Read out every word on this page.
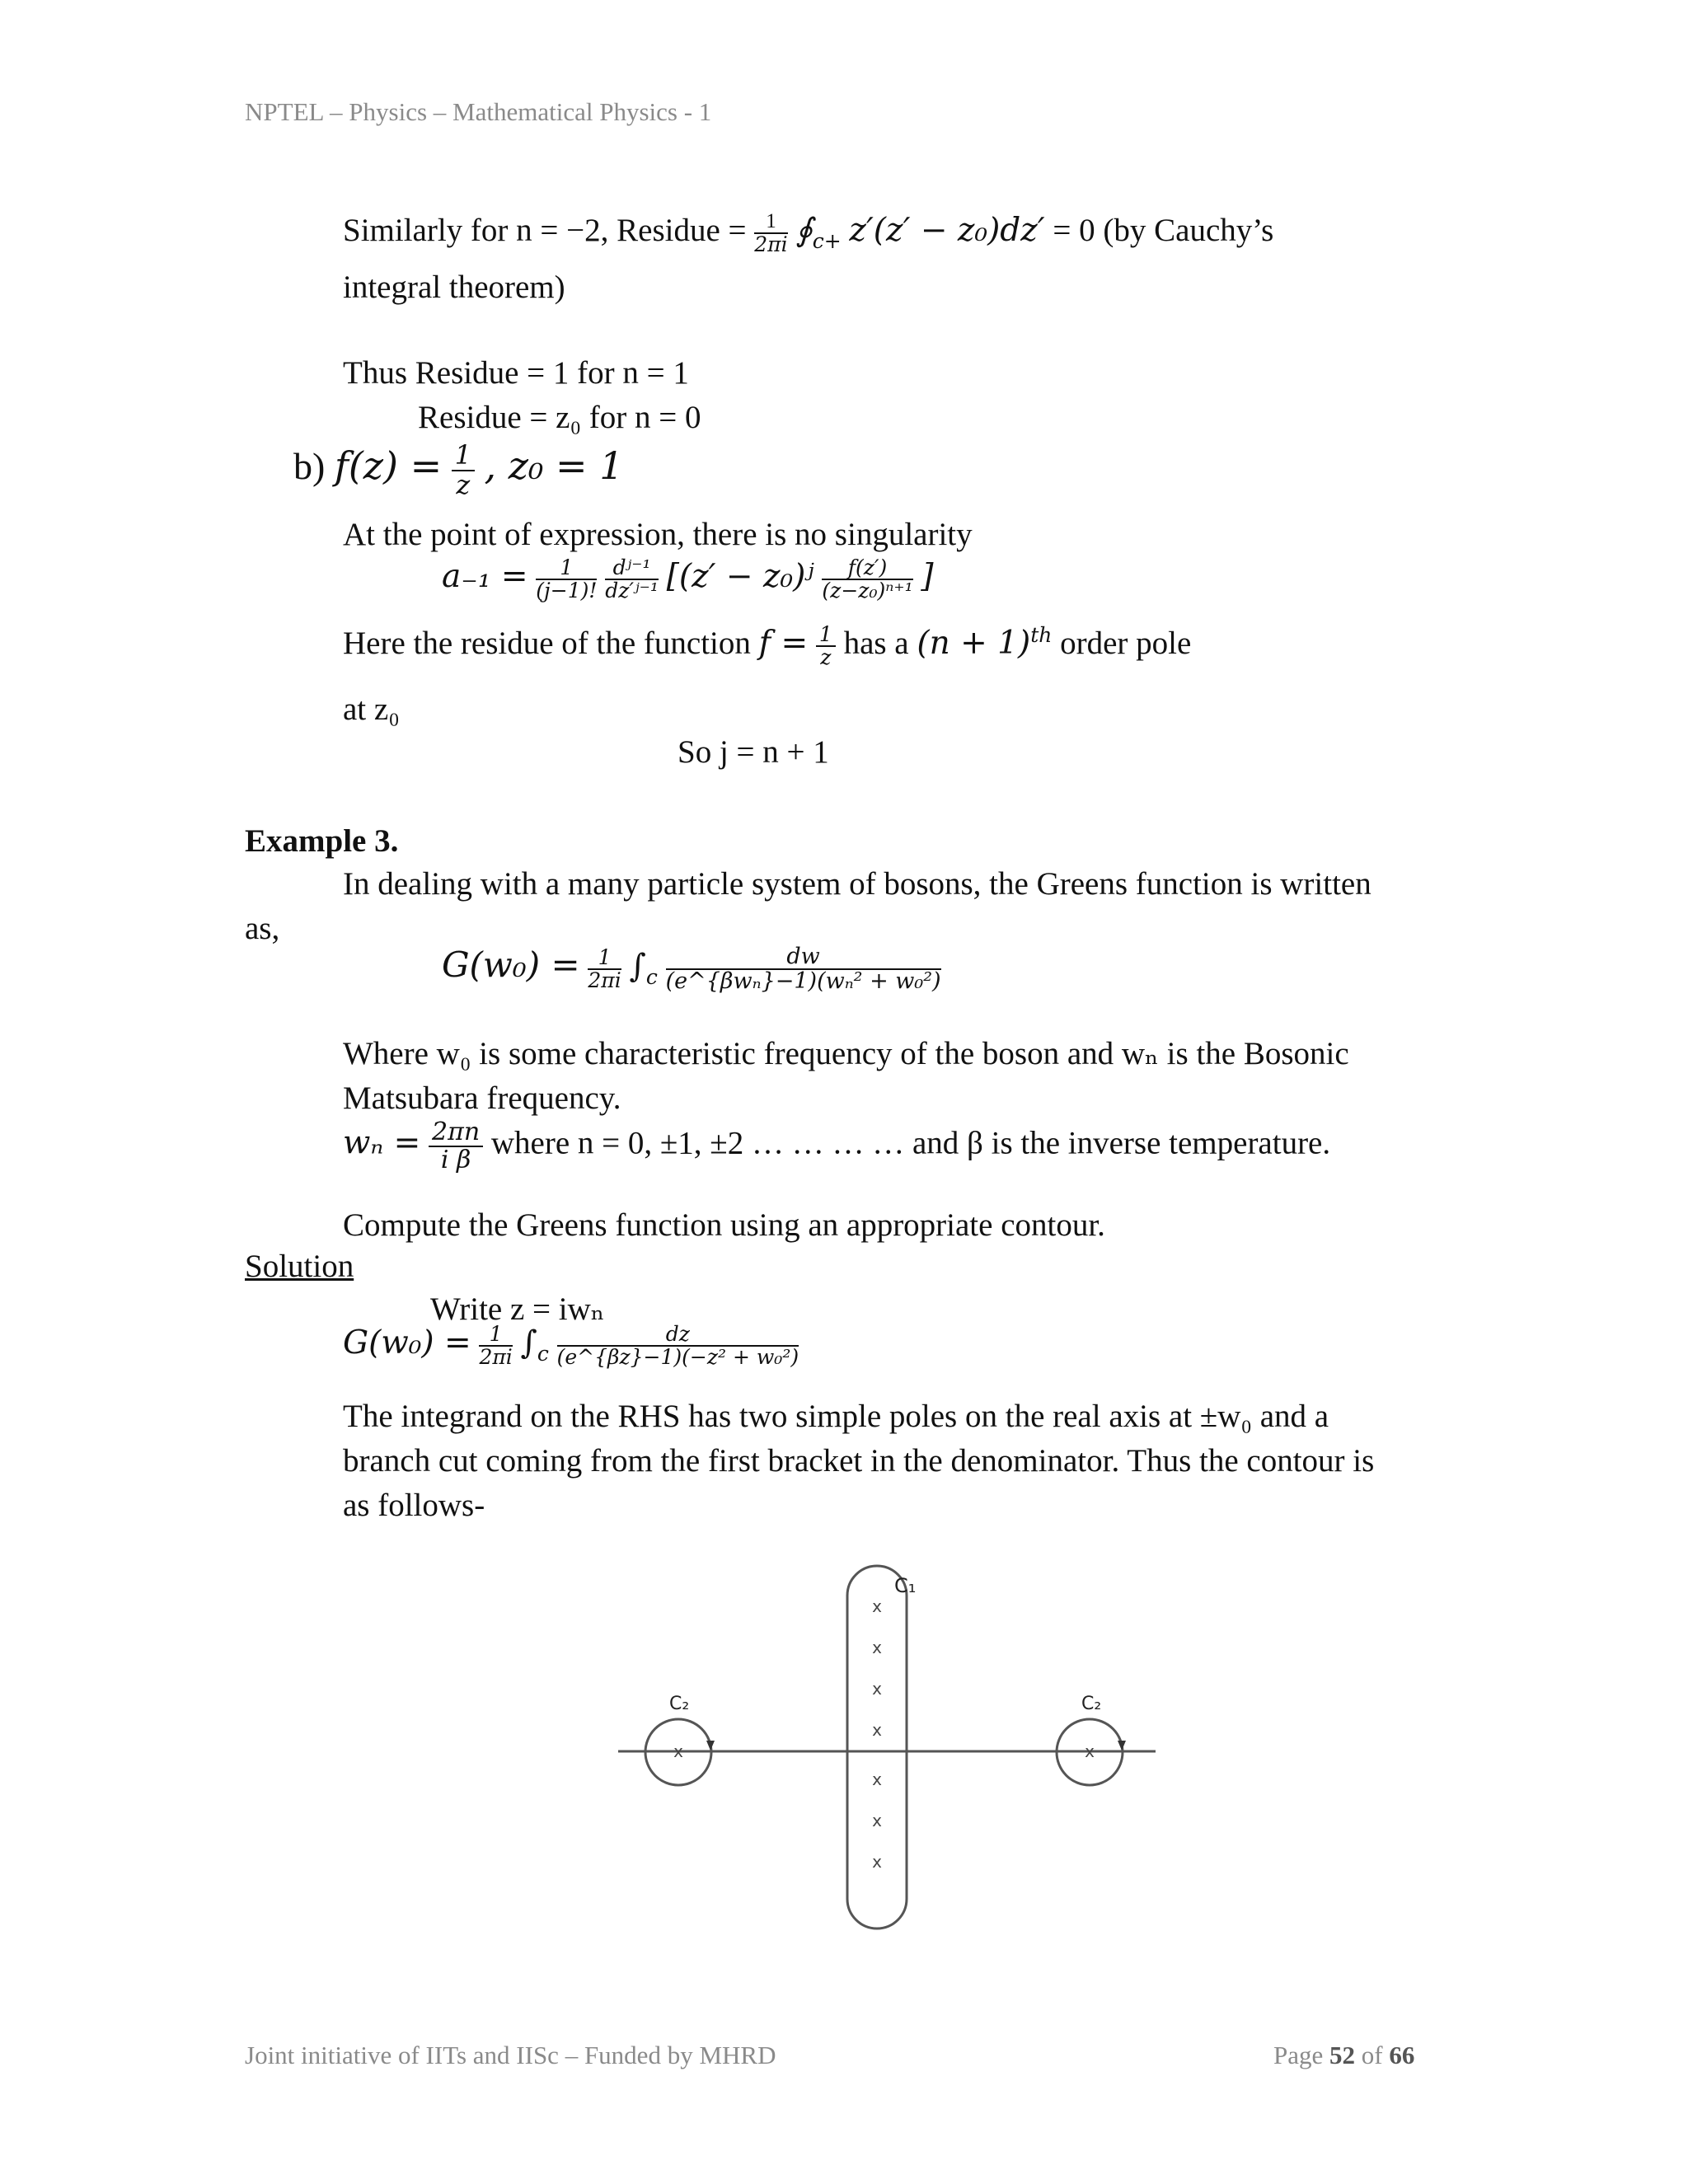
NPTEL – Physics – Mathematical Physics - 1
Similarly for n = −2, Residue = $\frac{1}{2\pi i}$ $∮_{c+}$ z′(z′ − z₀)dz′ = 0 (by Cauchy’s
integral theorem)
Thus Residue = 1 for n = 1
Residue = z₀ for n = 0
b) $f(z) = \frac{1}{z}$ , z₀ = 1
At the point of expression, there is no singularity
$a_{-1} = \frac{1}{(j-1)!}$
$\frac{\text{dʲ⁻¹}}{\text{dz′ʲ⁻¹}} [(z'$ − z₀)ʲ $\frac{f(z')}{\text{(z−z₀)ⁿ⁺¹}}$ ]
Here the residue of the function $f = \frac{1}{z}$ has a $(n + 1)^{th}$ order pole
at z₀
So j = n + 1
Example 3.
In dealing with a many particle system of bosons, the Greens function is written
as,
$G(w_0) = \frac{1}{2\pi i} \int_c \frac{dw}{\text{(e\textasciicircum{}\{βwₙ\}−1)(wₙ² + w₀²)}}$
Where w₀ is some characteristic frequency of the boson and wₙ is the Bosonic
Matsubara frequency.
$w_n = \frac{2\pi n}{\text{i β}}$ where n = 0, ±1, ±2 … … … … and β is the inverse temperature.
Compute the Greens function using an appropriate contour.
Solution
Write z = iwₙ
$G(w_0) = \frac{1}{2\pi i} \int_c \frac{dz}{\text{(e\textasciicircum{}\{βz\}−1)(−z² + w₀²)}}$
The integrand on the RHS has two simple poles on the real axis at ±w₀ and a
branch cut coming from the first bracket in the denominator. Thus the contour is
as follows-
C₁
C₂	C₂
x
x
x
x
x
x
x
x	x
Joint initiative of IITs and IISc – Funded by MHRD	Page 52 of 66
